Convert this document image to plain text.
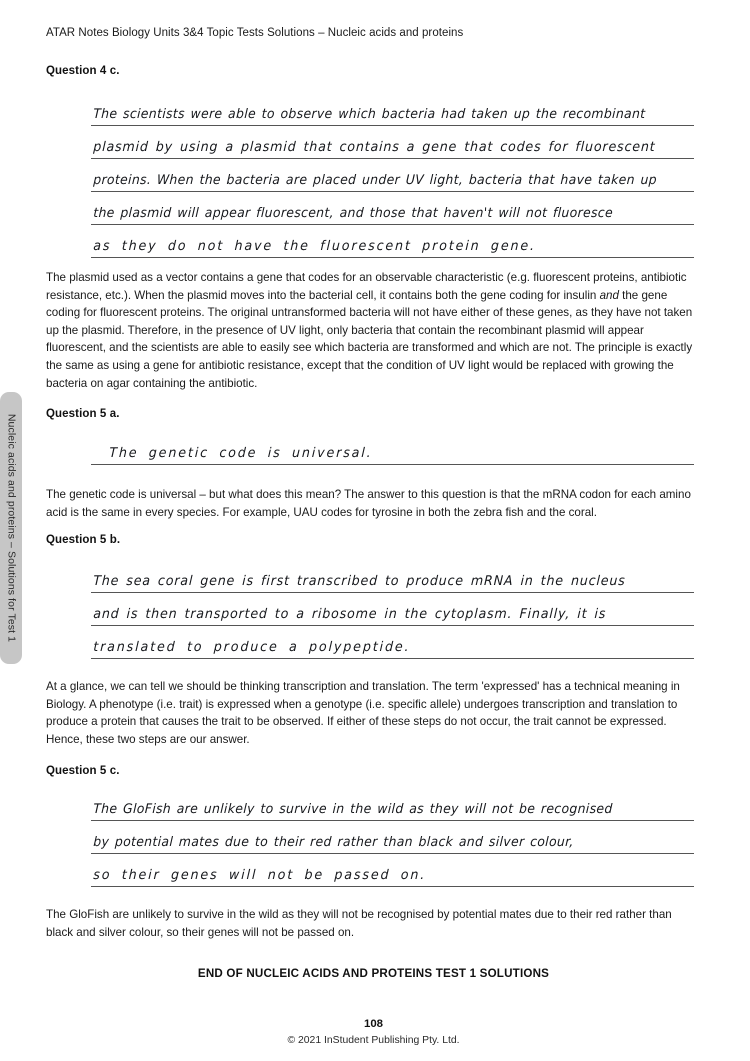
Nucleic acids and proteins – Solutions for Test 1
ATAR Notes Biology Units 3&4 Topic Tests Solutions – Nucleic acids and proteins
Question 4 c.
The scientists were able to observe which bacteria had taken up the recombinant
plasmid by using a plasmid that contains a gene that codes for fluorescent
proteins. When the bacteria are placed under UV light, bacteria that have taken up
the plasmid will appear fluorescent, and those that haven't will not fluoresce
as they do not have the fluorescent protein gene.
The plasmid used as a vector contains a gene that codes for an observable characteristic (e.g. fluorescent proteins, antibiotic resistance, etc.). When the plasmid moves into the bacterial cell, it contains both the gene coding for insulin and the gene coding for fluorescent proteins. The original untransformed bacteria will not have either of these genes, as they have not taken up the plasmid. Therefore, in the presence of UV light, only bacteria that contain the recombinant plasmid will appear fluorescent, and the scientists are able to easily see which bacteria are transformed and which are not. The principle is exactly the same as using a gene for antibiotic resistance, except that the condition of UV light would be replaced with growing the bacteria on agar containing the antibiotic.
Question 5 a.
The genetic code is universal.
The genetic code is universal – but what does this mean? The answer to this question is that the mRNA codon for each amino acid is the same in every species. For example, UAU codes for tyrosine in both the zebra fish and the coral.
Question 5 b.
The sea coral gene is first transcribed to produce mRNA in the nucleus
and is then transported to a ribosome in the cytoplasm. Finally, it is
translated to produce a polypeptide.
At a glance, we can tell we should be thinking transcription and translation. The term 'expressed' has a technical meaning in Biology. A phenotype (i.e. trait) is expressed when a genotype (i.e. specific allele) undergoes transcription and translation to produce a protein that causes the trait to be observed. If either of these steps do not occur, the trait cannot be expressed. Hence, these two steps are our answer.
Question 5 c.
The GloFish are unlikely to survive in the wild as they will not be recognised
by potential mates due to their red rather than black and silver colour,
so their genes will not be passed on.
The GloFish are unlikely to survive in the wild as they will not be recognised by potential mates due to their red rather than black and silver colour, so their genes will not be passed on.
END OF NUCLEIC ACIDS AND PROTEINS TEST 1 SOLUTIONS
108
© 2021 InStudent Publishing Pty. Ltd.
